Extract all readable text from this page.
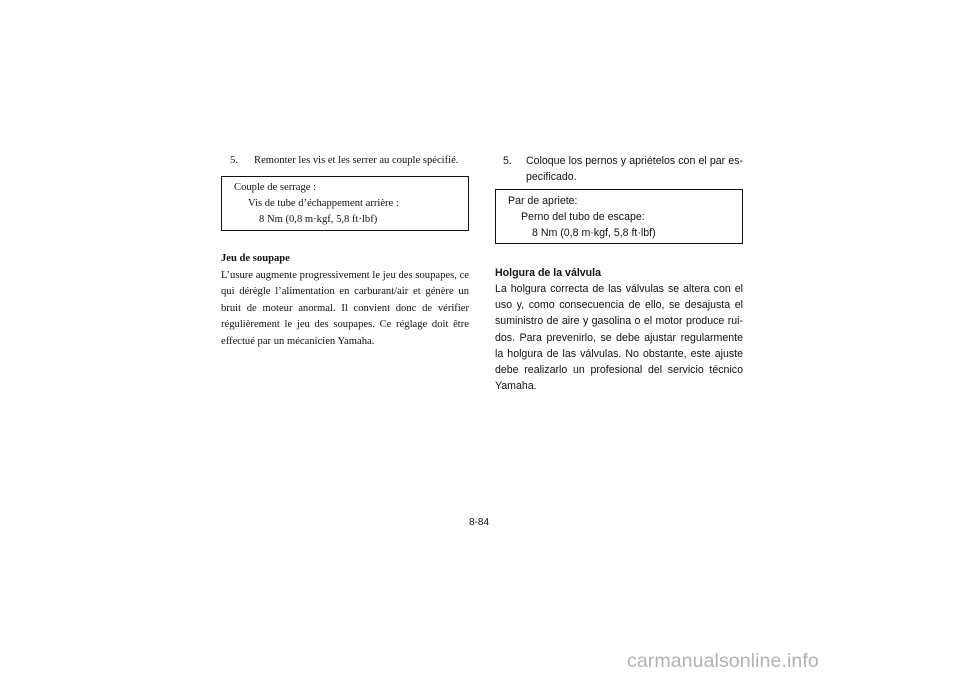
5. Remonter les vis et les serrer au couple spécifié.

Couple de serrage :
Vis de tube d’échappement arrière :
8 Nm (0,8 m·kgf, 5,8 ft·lbf)

Jeu de soupape

L’usure augmente progressivement le jeu des soupapes, ce qui dérègle l’alimentation en carburant/air et génère un bruit de moteur anormal. Il convient donc de vérifier régulièrement le jeu des soupapes. Ce réglage doit être effectué par un mécanicien Yamaha.

5.	Coloque los pernos y apriételos con el par es-pecificado.
Par de apriete:
Perno del tubo de escape:
8 Nm (0,8 m·kgf, 5,8 ft·lbf)

Holgura de la válvula

La holgura correcta de las válvulas se altera con el uso y, como consecuencia de ello, se desajusta el suministro de aire y gasolina o el motor produce rui-dos. Para prevenirlo, se debe ajustar regularmente la holgura de las válvulas. No obstante, este ajuste debe realizarlo un profesional del servicio técnico Yamaha.

8-84
carmanualsonline.info
